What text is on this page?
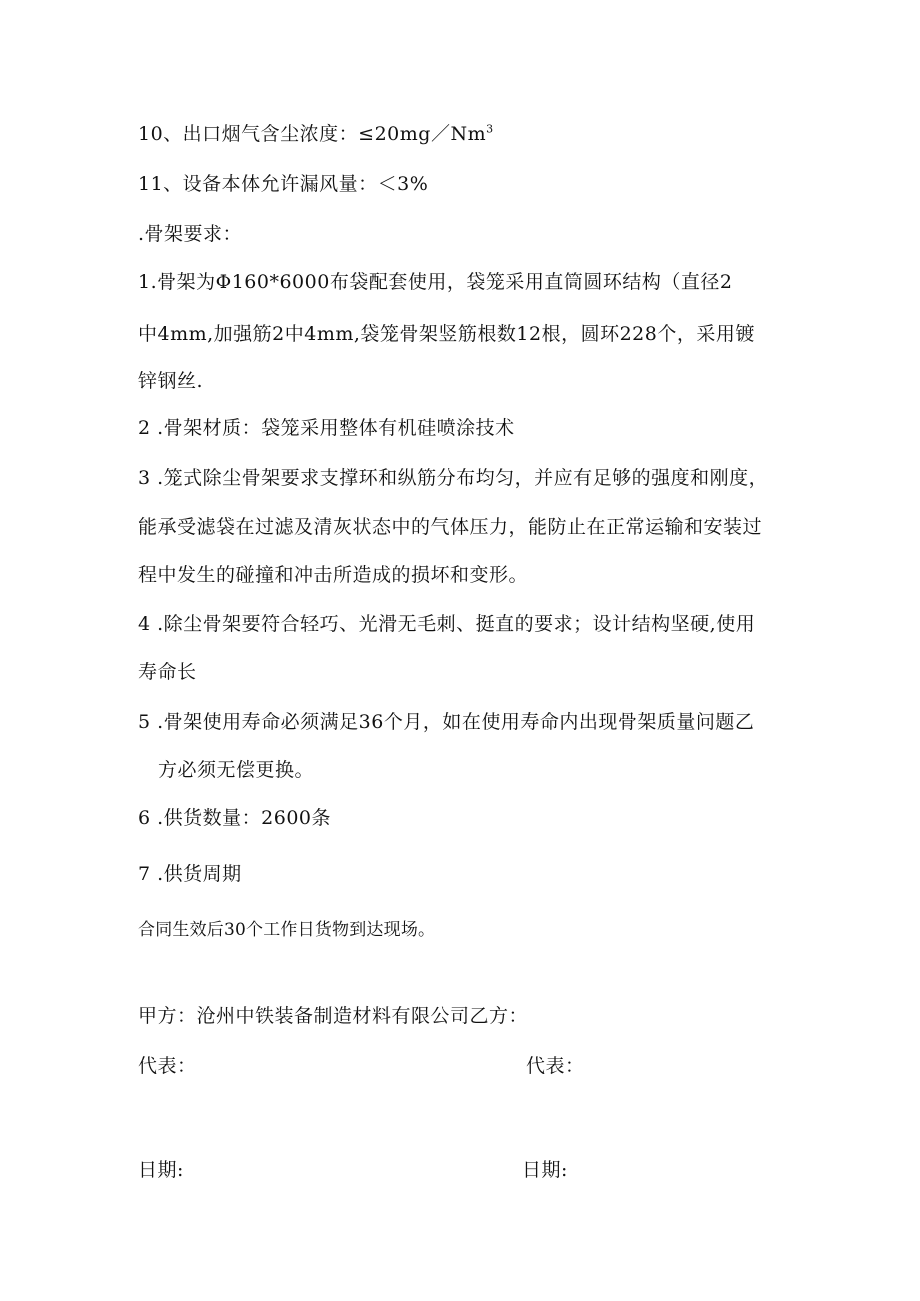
10、出口烟气含尘浓度：$\le 20mg/Nm^3$
11、设备本体允许漏风量：＜3%
.骨架要求：
1.骨架为Φ160*6000布袋配套使用，袋笼采用直筒圆环结构（直径2
中4mm,加强筋2中4mm,袋笼骨架竖筋根数12根，圆环228个，采用镀
锌钢丝.
2 .骨架材质：袋笼采用整体有机硅喷涂技术
3 .笼式除尘骨架要求支撑环和纵筋分布均匀，并应有足够的强度和刚度，
能承受滤袋在过滤及清灰状态中的气体压力，能防止在正常运输和安装过
程中发生的碰撞和冲击所造成的损坏和变形。
4 .除尘骨架要符合轻巧、光滑无毛刺、挺直的要求；设计结构坚硬,使用
寿命长
5 .骨架使用寿命必须满足36个月，如在使用寿命内出现骨架质量问题乙
方必须无偿更换。
6 .供货数量：2600条
7 .供货周期
合同生效后30个工作日货物到达现场。
甲方：沧州中铁装备制造材料有限公司乙方：
代表：	代表：
日期:	日期:
